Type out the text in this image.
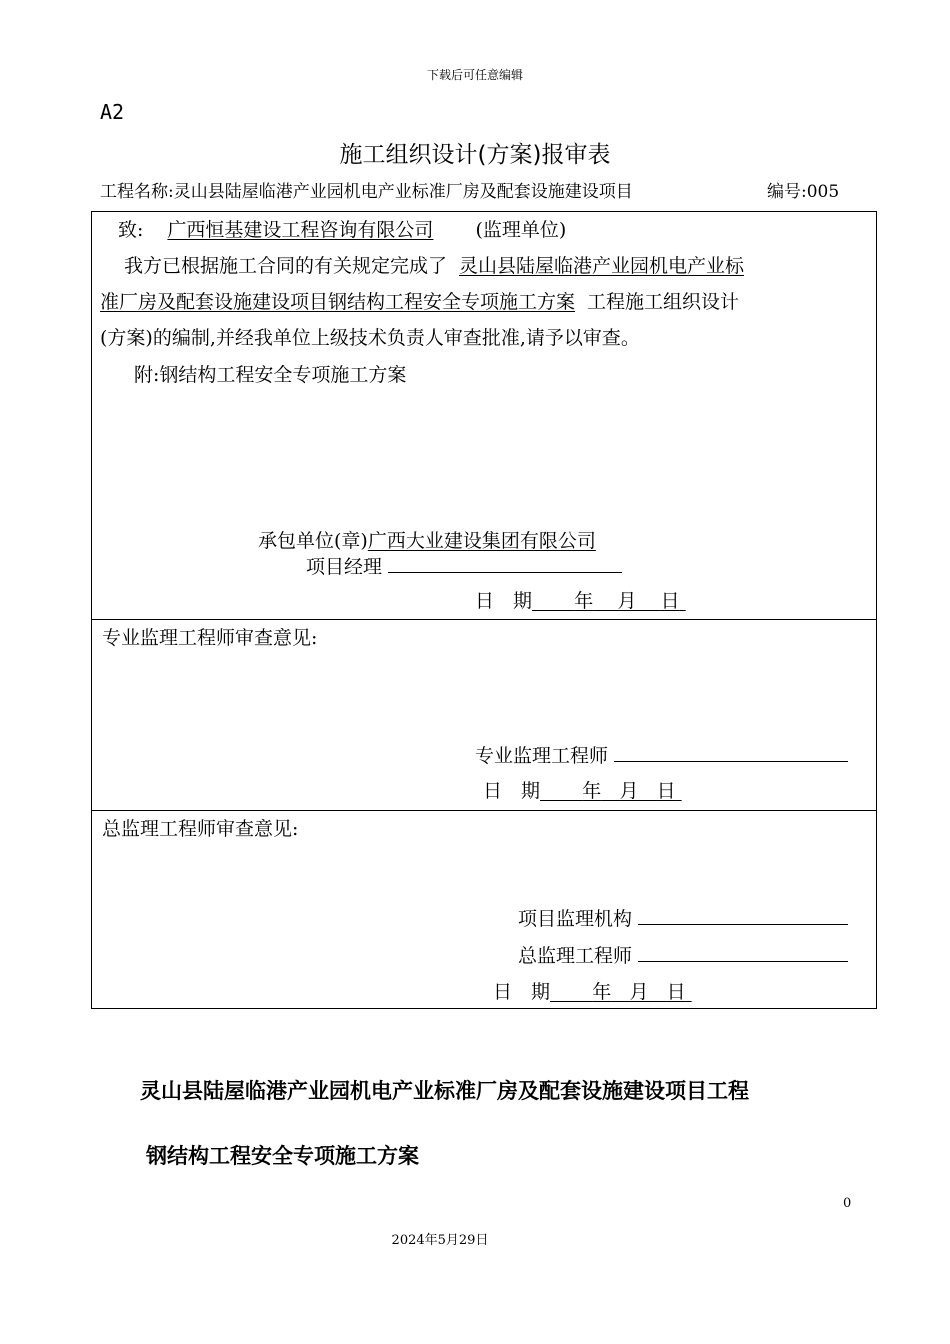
下载后可任意编辑
A2
施工组织设计(方案)报审表
工程名称:灵山县陆屋临港产业园机电产业标准厂房及配套设施建设项目	编号:005
致: 广西恒基建设工程咨询有限公司 (监理单位)
我方已根据施工合同的有关规定完成了 灵山县陆屋临港产业园机电产业标
准厂房及配套设施建设项目钢结构工程安全专项施工方案 工程施工组织设计
(方案)的编制,并经我单位上级技术负责人审查批准,请予以审查。
附:钢结构工程安全专项施工方案
承包单位(章)广西大业建设集团有限公司
项目经理
日　期 年 月 日
专业监理工程师审查意见:
专业监理工程师
日　期 年 月 日
总监理工程师审查意见:
项目监理机构
总监理工程师
日　期 年 月 日
灵山县陆屋临港产业园机电产业标准厂房及配套设施建设项目工程
钢结构工程安全专项施工方案
0
2024年5月29日
